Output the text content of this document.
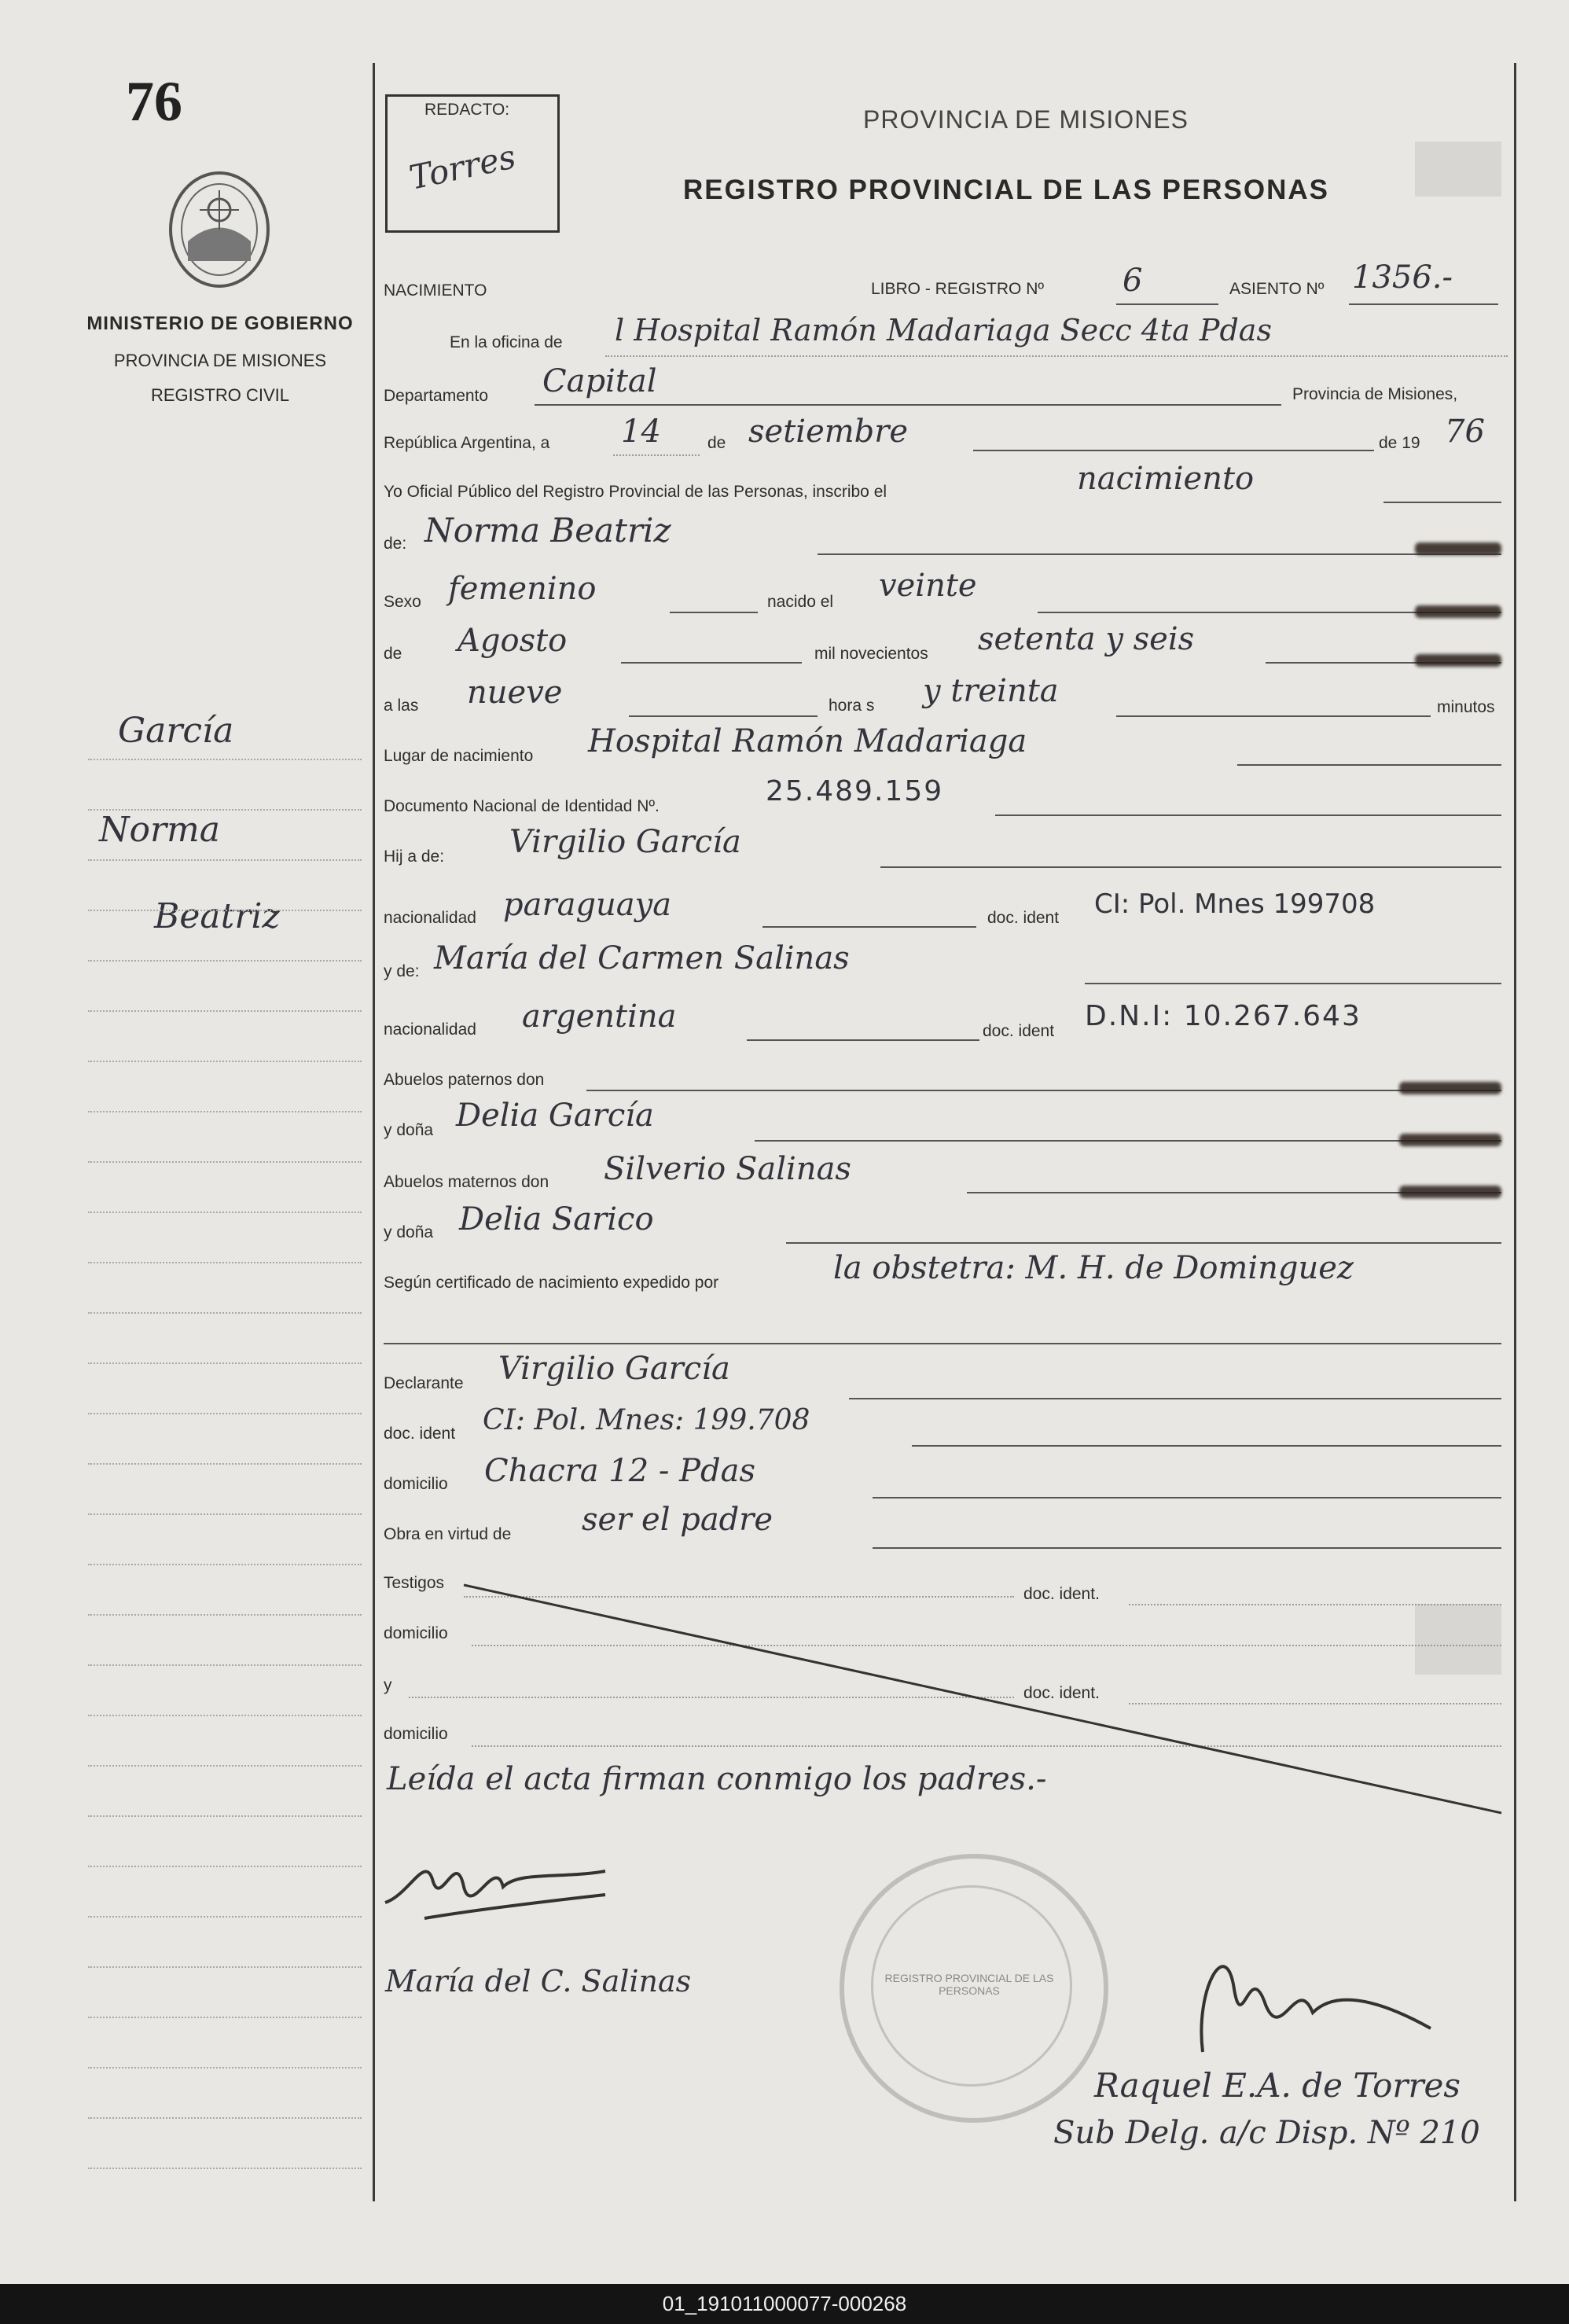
76
MINISTERIO DE GOBIERNO
PROVINCIA DE MISIONES
REGISTRO CIVIL
REDACTO:
Torres
PROVINCIA DE MISIONES
REGISTRO PROVINCIAL DE LAS PERSONAS
NACIMIENTO	LIBRO - REGISTRO Nº 6	ASIENTO Nº 1356.-
En la oficina de l Hospital Ramón Madariaga Secc 4ta Pdas
Departamento Capital	Provincia de Misiones,
República Argentina, a 14	de setiembre	de 19 76
Yo Oficial Público del Registro Provincial de las Personas, inscribo el	nacimiento
de: Norma Beatriz
Sexo femenino	nacido el veinte
de Agosto	mil novecientos setenta y seis
a las nueve	hora s y treinta	minutos
Lugar de nacimiento Hospital Ramón Madariaga
Documento Nacional de Identidad Nº.	25.489.159
Hij a de: Virgilio García
nacionalidad paraguaya	doc. ident CI: Pol. Mnes 199708
y de: María del Carmen Salinas
nacionalidad argentina	doc. ident D.N.I: 10.267.643
Abuelos paternos don
y doña Delia García
Abuelos maternos don Silverio Salinas
y doña Delia Sarico
Según certificado de nacimiento expedido por	la obstetra: M. H. de Dominguez
Declarante Virgilio García
doc. ident CI: Pol. Mnes: 199.708
domicilio Chacra 12 - Pdas
Obra en virtud de ser el padre
Testigos
doc. ident.
domicilio
y	doc. ident.
domicilio
Leída el acta firman conmigo los padres.-
María del C. Salinas	REGISTRO PROVINCIAL DE LAS PERSONAS
Raquel E.A. de Torres
Sub Delg. a/c Disp. Nº 210
García
Norma
Beatriz
01_191011000077-000268
